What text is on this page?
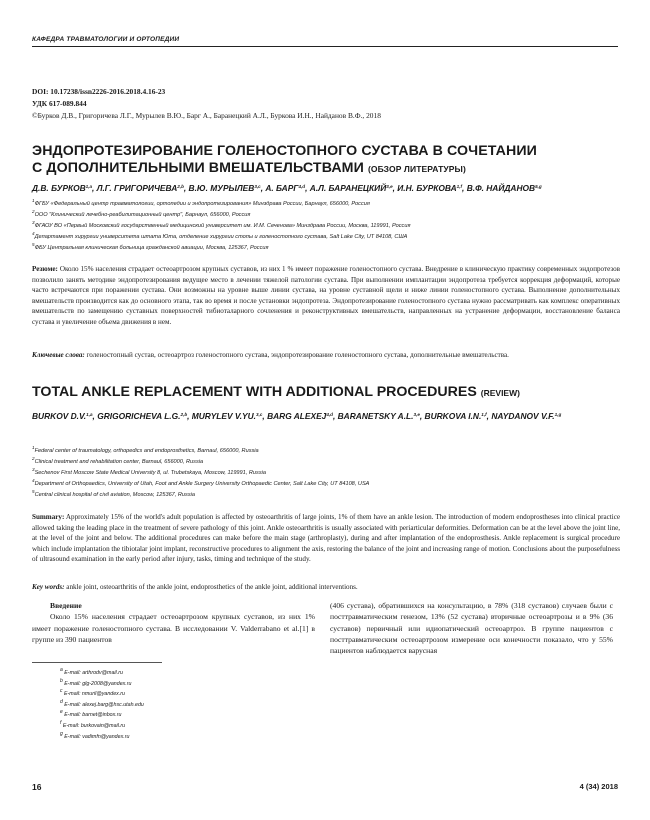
КАФЕДРА ТРАВМАТОЛОГИИ И ОРТОПЕДИИ
DOI: 10.17238/issn2226-2016.2018.4.16-23
УДК 617-089.844
©Бурков Д.В., Григоричева Л.Г., Мурылев В.Ю., Барг А., Баранецкий А.Л., Буркова И.Н., Найданов В.Ф., 2018
ЭНДОПРОТЕЗИРОВАНИЕ ГОЛЕНОСТОПНОГО СУСТАВА В СОЧЕТАНИИ
С ДОПОЛНИТЕЛЬНЫМИ ВМЕШАТЕЛЬСТВАМИ (ОБЗОР ЛИТЕРАТУРЫ)
Д.В. БУРКОВ$^{1,a}$, Л.Г. ГРИГОРИЧЕВА$^{2,b}$, В.Ю. МУРЫЛЕВ$^{3,c}$, А. БАРГ$^{4,d}$, А.Л. БАРАНЕЦКИЙ$^{3,e}$, И.Н. БУРКОВА$^{1,f}$, В.Ф. НАЙДАНОВ$^{5,g}$
$^1$ФГБУ «Федеральный центр травматологии, ортопедии и эндопротезирования» Минздрава России, Барнаул, 656000, Россия
$^2$ООО "Клинический лечебно-реабилитационный центр", Барнаул, 656000, Россия
$^3$ФГАОУ ВО «Первый Московский государственный медицинский университет им. И.М. Сеченова» Минздрава России, Москва, 119991, Россия
$^4$Департамент хирургии университета штата Юта, отделение хирургии стопы и голеностопного сустава, Salt Lake City, UT 84108, США
$^5$ФБУ Центральная клиническая больница гражданской авиации, Москва, 125367, Россия
Резюме: Около 15% населения страдает остеоартрозом крупных суставов, из них 1 % имеет поражение голеностопного сустава. Внедрение в клиническую практику современных эндопротезов позволило занять методике эндопротезирования ведущее место в лечении тяжелой патологии сустава. При выполнении имплантации эндопротеза требуется коррекция деформаций, которые часто встречаются при поражении сустава. Они возможны на уровне выше линии сустава, на уровне суставной щели и ниже линии голеностопного сустава. Выполнение дополнительных вмешательств производится как до основного этапа, так во время и после установки эндопротеза. Эндопротезирование голеностопного сустава нужно рассматривать как комплекс оперативных вмешательств по замещению суставных поверхностей тибиоталарного сочленения и реконструктивных вмешательств, направленных на устранение деформации, восстановление баланса сустава и увеличение объема движения в нем.
Ключевые слова: голеностопный сустав, остеоартроз голеностопного сустава, эндопротезирование голеностопного сустава, дополнительные вмешательства.
TOTAL ANKLE REPLACEMENT WITH ADDITIONAL PROCEDURES (REVIEW)
BURKOV D.V.$^{1,a}$, GRIGORICHEVA L.G.$^{2,b}$, MURYLEV V.YU.$^{3,c}$, BARG ALEXEJ$^{4,d}$, BARANETSKY A.L.$^{3,e}$, BURKOVA I.N.$^{1,f}$, NAYDANOV V.F.$^{1,g}$
$^1$Federal center of traumatology, orthopedics and endoprosthetics, Barnaul, 656000, Russia
$^2$Clinical treatment and rehabilitation center, Barnaul, 656000, Russia
$^3$Sechenov First Moscow State Medical University 8, ul. Trubetskaya, Moscow, 119991, Russia
$^4$Department of Orthopaedics, University of Utah, Foot and Ankle Surgery University Orthopaedic Center, Salt Lake City, UT 84108, USA
$^5$Central clinical hospital of civil aviation, Moscow, 125367, Russia
Summary: Approximately 15% of the world's adult population is affected by osteoarthritis of large joints, 1% of them have an ankle lesion. The introduction of modern endoprostheses into clinical practice allowed taking the leading place in the treatment of severe pathology of this joint. Ankle osteoarthritis is usually associated with periarticular deformities. Deformation can be at the level above the joint line, at the level of the joint and below. The additional procedures can make before the main stage (arthroplasty), during and after implantation of the endoprosthesis. Ankle replacement is surgical procedure which include implantation the tibiotalar joint implant, reconstructive procedures to alignment the axis, restoring the balance of the joint and increasing range of motion. Conclusions about the purposefulness of ultrasound examination in the early period after injury, tasks, timing and technique of the study.
Key words: ankle joint, osteoarthritis of the ankle joint, endoprosthetics of the ankle joint, additional interventions.

Введение

Около 15% населения страдает остеоартрозом крупных суставов, из них 1% имеет поражение голеностопного сустава. В исследовании V. Valderrabano et al.[1] в группе из 390 пациентов

(406 сустава), обратившихся на консультацию, в 78% (318 суставов) случаев были с посттравматическим генезом, 13% (52 сустава) вторичные остеоартрозы и в 9% (36 суставов) первичный или идиопатический остеоартроз. В группе пациентов с посттравматическим остеоартрозом измерение оси конечности показало, что у 55% пациентов наблюдается варусная

$^a$ E-mail: arthrodv@mail.ru
$^b$ E-mail: glg-2008@yandex.ru
$^c$ E-mail: nmuril@yandex.ru
$^d$ E-mail: alexej.barg@hsc.utah.edu
$^e$ E-mail: barnet@inbox.ru
$^f$ E-mail: burkovain@mail.ru
$^g$ E-mail: vadimfn@yandex.ru
16	4 (34) 2018
